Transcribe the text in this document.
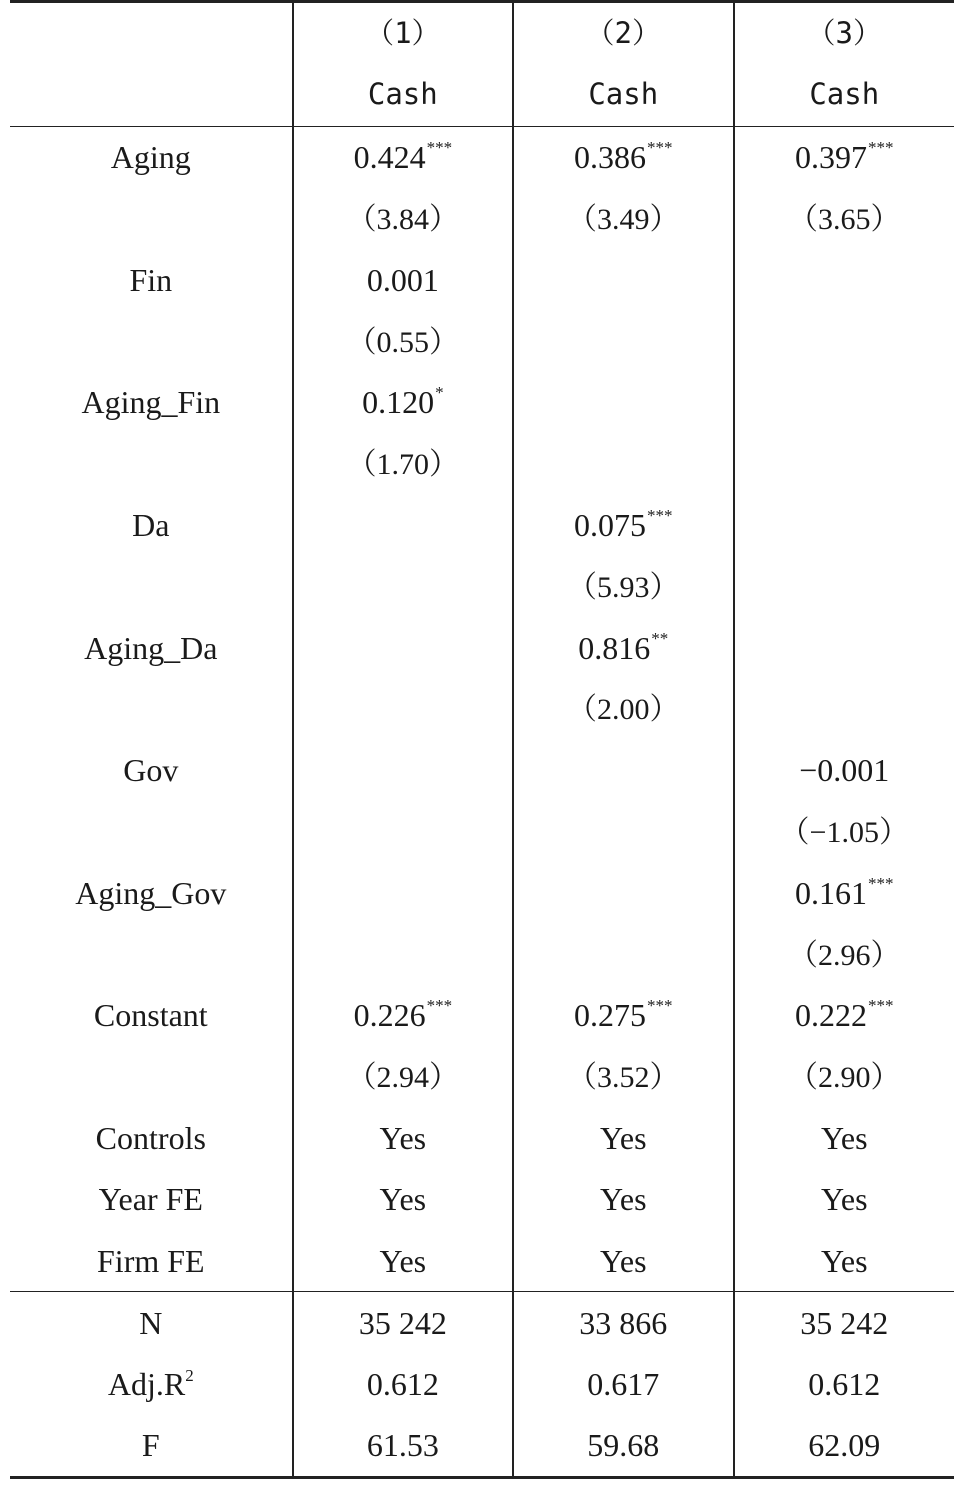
	（1）	（2）	（3）
	Cash	Cash	Cash
Aging	0.424***	0.386***	0.397***
	（3.84）	（3.49）	（3.65）
Fin	0.001		
	（0.55）		
Aging_Fin	0.120*		
	（1.70）		
Da		0.075***	
		（5.93）	
Aging_Da		0.816**	
		（2.00）	
Gov			−0.001
			（−1.05）
Aging_Gov			0.161***
			（2.96）
Constant	0.226***	0.275***	0.222***
	（2.94）	（3.52）	（2.90）
Controls	Yes	Yes	Yes
Year FE	Yes	Yes	Yes
Firm FE	Yes	Yes	Yes
N	35 242	33 866	35 242
$Adj.R^2$	0.612	0.617	0.612
F	61.53	59.68	62.09
